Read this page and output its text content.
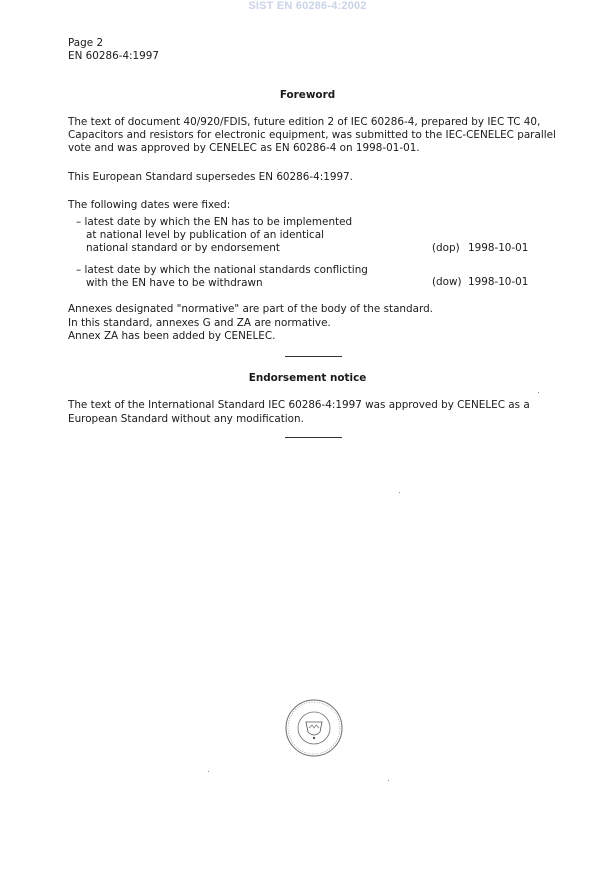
SIST EN 60286-4:2002
Page 2
EN 60286-4:1997
Foreword
The text of document 40/920/FDIS, future edition 2 of IEC 60286-4, prepared by IEC TC 40,
Capacitors and resistors for electronic equipment, was submitted to the IEC-CENELEC parallel
vote and was approved by CENELEC as EN 60286-4 on 1998-01-01.
This European Standard supersedes EN 60286-4:1997.
The following dates were fixed:
– latest date by which the EN has to be implemented
at national level by publication of an identical
national standard or by endorsement	(dop) 1998-10-01
– latest date by which the national standards conflicting
with the EN have to be withdrawn	(dow) 1998-10-01
Annexes designated "normative" are part of the body of the standard.
In this standard, annexes G and ZA are normative.
Annex ZA has been added by CENELEC.
Endorsement notice
The text of the International Standard IEC 60286-4:1997 was approved by CENELEC as a
European Standard without any modification.
